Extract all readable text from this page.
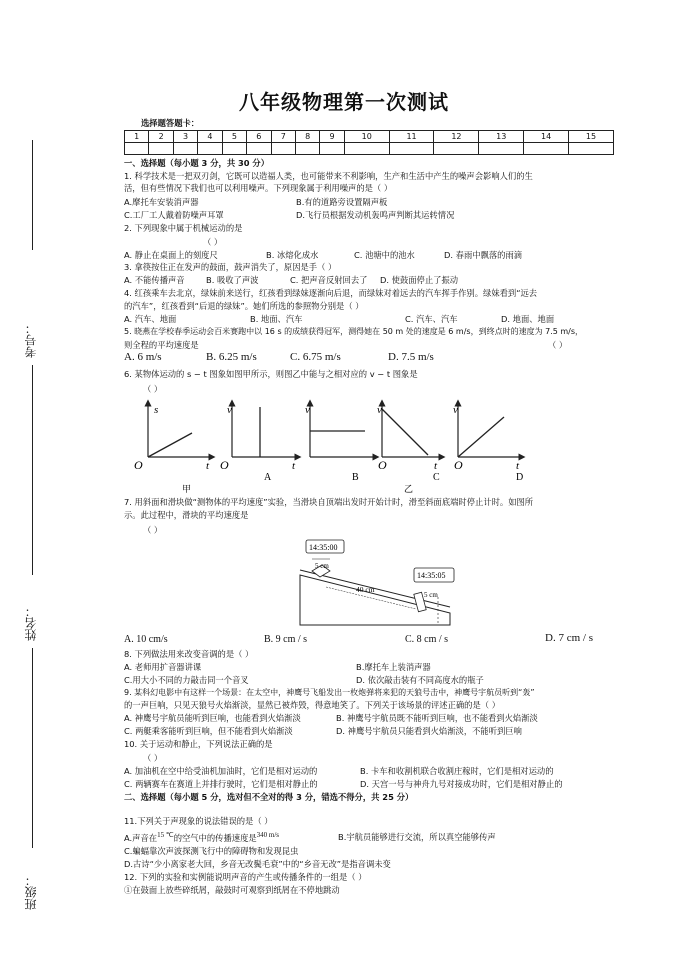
八年级物理第一次测试
选择题答题卡：
1	2	3	4	5	6	7	8	9	10	11	12	13	14	15

考号：
姓名：
班级：
一、选择题（每小题 3 分，共 30 分）
1. 科学技术是一把双刃剑，它既可以造福人类，也可能带来不利影响，生产和生活中产生的噪声会影响人们的生
活，但有些情况下我们也可以利用噪声。下列现象属于利用噪声的是（ ）
A.摩托车安装消声器	B.有的道路旁设置隔声板
C.工厂工人戴着防噪声耳罩	D.飞行员根据发动机轰鸣声判断其运转情况
2. 下列现象中属于机械运动的是
（ ）
A. 静止在桌面上的刻度尺	B. 冰熔化成水	C. 池塘中的池水	D. 春雨中飘落的雨滴
3. 拿筷按住正在发声的鼓面，鼓声消失了，原因是手（ ）
A. 不能传播声音	B. 吸收了声波	C. 把声音反射回去了 D. 使鼓面停止了振动
4. 红孩乘车去北京，绿妹前来送行，红孩看到绿妹逐渐向后退，而绿妹对着远去的汽车挥手作别。绿妹看到“远去
的汽车”，红孩看到“后退的绿妹”。她们所选的参照物分别是（ ）
A. 汽车、地面	B. 地面、汽车	C. 汽车、汽车	D. 地面、地面
5. 晓燕在学校春季运动会百米赛跑中以 16 s 的成绩获得冠军，测得她在 50 m 处的速度是 6 m/s，到终点时的速度为 7.5 m/s，
则全程的平均速度是	（ ）
A. 6 m/s	B. 6.25 m/s	C. 6.75 m/s	D. 7.5 m/s
6. 某物体运动的 s − t 图象如图甲所示，则图乙中能与之相对应的 v − t 图象是
（ ）
s
O	t
v
O	t
A
v
B
v
O	t
C
v
O	t
D
甲	乙
7. 用斜面和滑块做“测物体的平均速度”实验，当滑块自顶端出发时开始计时，滑至斜面底端时停止计时。如图所
示。此过程中，滑块的平均速度是
（ ）
14:35:00
14:35:05
5 cm
40 cm
5 cm
A. 10 cm/s	B. 9 cm / s	C. 8 cm / s	D. 7 cm / s
8. 下列做法用来改变音调的是（ ）
A. 老师用扩音器讲课	B.摩托车上装消声器
C.用大小不同的力敲击同一个音叉	D. 依次敲击装有不同高度水的瓶子
9. 某科幻电影中有这样一个场景：在太空中，神鹰号飞船发出一枚炮弹将来犯的天狼号击中，神鹰号宇航员听到“轰”
的一声巨响，只见天狼号火焰渐淡，显然已被炸毁，得意地笑了。下列关于该场景的评述正确的是（ ）
A. 神鹰号宇航员能听到巨响，也能看到火焰渐淡	B. 神鹰号宇航员既不能听到巨响，也不能看到火焰渐淡
C. 两艇乘客能听到巨响，但不能看到火焰渐淡	D. 神鹰号宇航员只能看到火焰渐淡，不能听到巨响
10. 关于运动和静止，下列说法正确的是
（ ）
A. 加油机在空中给受油机加油时，它们是相对运动的	B. 卡车和收割机联合收割庄稼时，它们是相对运动的
C. 两辆赛车在赛道上并排行驶时，它们是相对静止的	D. 天宫一号与神舟九号对接成功时，它们是相对静止的
二、选择题（每小题 5 分，选对但不全对的得 3 分，错选不得分，共 25 分）
11.下列关于声现象的说法错误的是（ ）
A.声音在$^{15 ℃}$的空气中的传播速度是$^{340 m/s}$	B.宇航员能够进行交流，所以真空能够传声
C.蝙蝠靠次声波探测飞行中的障碍物和发现昆虫
D.古诗“少小离家老大回，乡音无改鬓毛衰”中的“乡音无改”是指音调未变
12. 下列的实验和实例能说明声音的产生或传播条件的一组是（ ）
①在鼓面上放些碎纸屑，敲鼓时可观察到纸屑在不停地跳动
